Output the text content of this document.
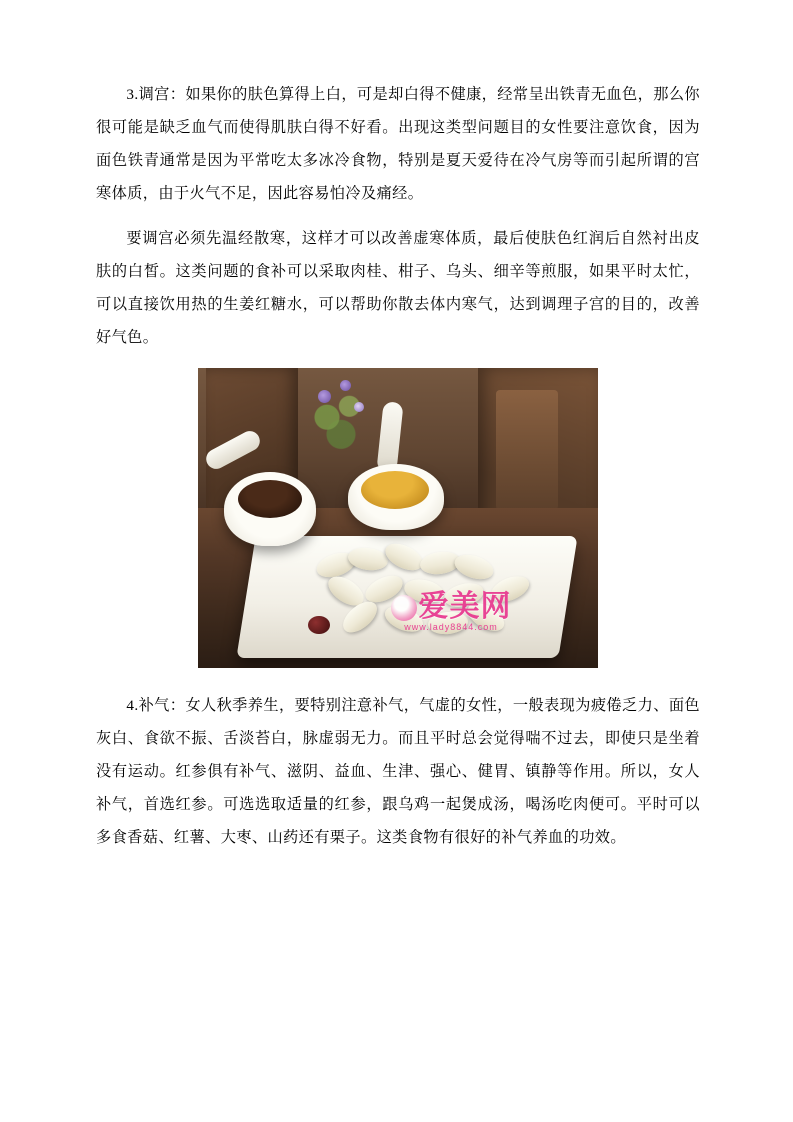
3.调宫：如果你的肤色算得上白，可是却白得不健康，经常呈出铁青无血色，那么你很可能是缺乏血气而使得肌肤白得不好看。出现这类型问题目的女性要注意饮食，因为面色铁青通常是因为平常吃太多冰冷食物，特别是夏天爱待在冷气房等而引起所谓的宫寒体质，由于火气不足，因此容易怕冷及痛经。

要调宫必须先温经散寒，这样才可以改善虚寒体质，最后使肤色红润后自然衬出皮肤的白皙。这类问题的食补可以采取肉桂、柑子、乌头、细辛等煎服，如果平时太忙，可以直接饮用热的生姜红糖水，可以帮助你散去体内寒气，达到调理子宫的目的，改善好气色。

爱美网
www.lady8844.com

4.补气：女人秋季养生，要特别注意补气，气虚的女性，一般表现为疲倦乏力、面色灰白、食欲不振、舌淡苔白，脉虚弱无力。而且平时总会觉得喘不过去，即使只是坐着没有运动。红参俱有补气、滋阴、益血、生津、强心、健胃、镇静等作用。所以，女人补气，首选红参。可选选取适量的红参，跟乌鸡一起煲成汤，喝汤吃肉便可。平时可以多食香菇、红薯、大枣、山药还有栗子。这类食物有很好的补气养血的功效。
